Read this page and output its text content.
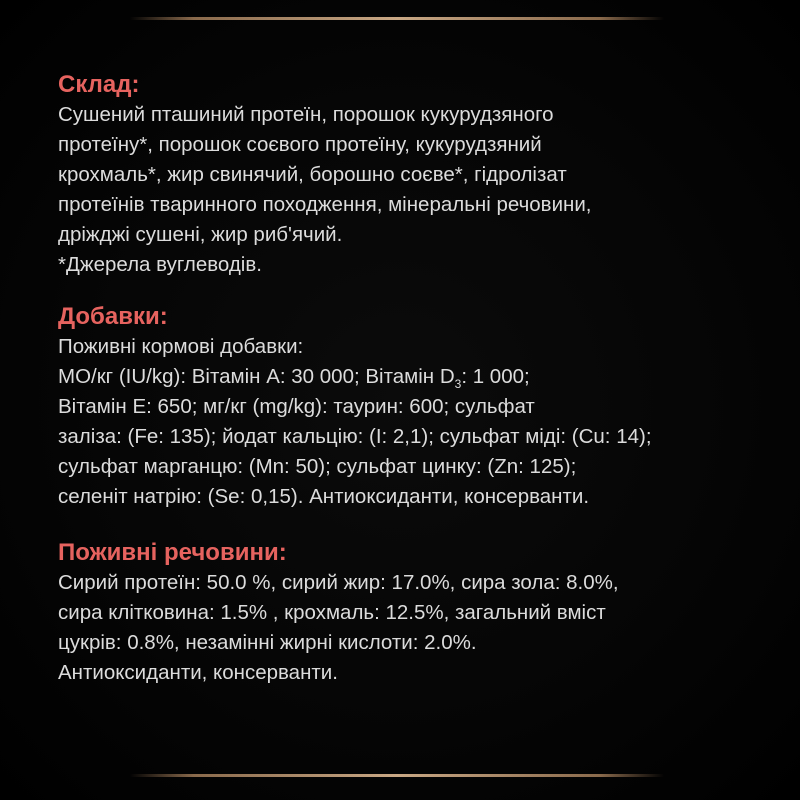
Склад:
Сушений пташиний протеїн, порошок кукурудзяного
протеїну*, порошок соєвого протеїну, кукурудзяний
крохмаль*, жир свинячий, борошно соєве*, гідролізат
протеїнів тваринного походження, мінеральні речовини,
дріжджі сушені, жир риб'ячий.
*Джерела вуглеводів.
Добавки:
Поживні кормові добавки:
МО/кг (IU/kg): Вітамін А: 30 000; Вітамін $D_3$: 1 000;
Вітамін Е: 650; мг/кг (mg/kg): таурин: 600; сульфат
заліза: (Fe: 135); йодат кальцію: (I: 2,1); сульфат міді: (Cu: 14);
сульфат марганцю: (Mn: 50); сульфат цинку: (Zn: 125);
селеніт натрію: (Se: 0,15). Антиоксиданти, консерванти.
Поживні речовини:
Сирий протеїн: 50.0 %, сирий жир: 17.0%, сира зола: 8.0%,
сира клітковина: 1.5% , крохмаль: 12.5%, загальний вміст
цукрів: 0.8%, незамінні жирні кислоти: 2.0%.
Антиоксиданти, консерванти.
